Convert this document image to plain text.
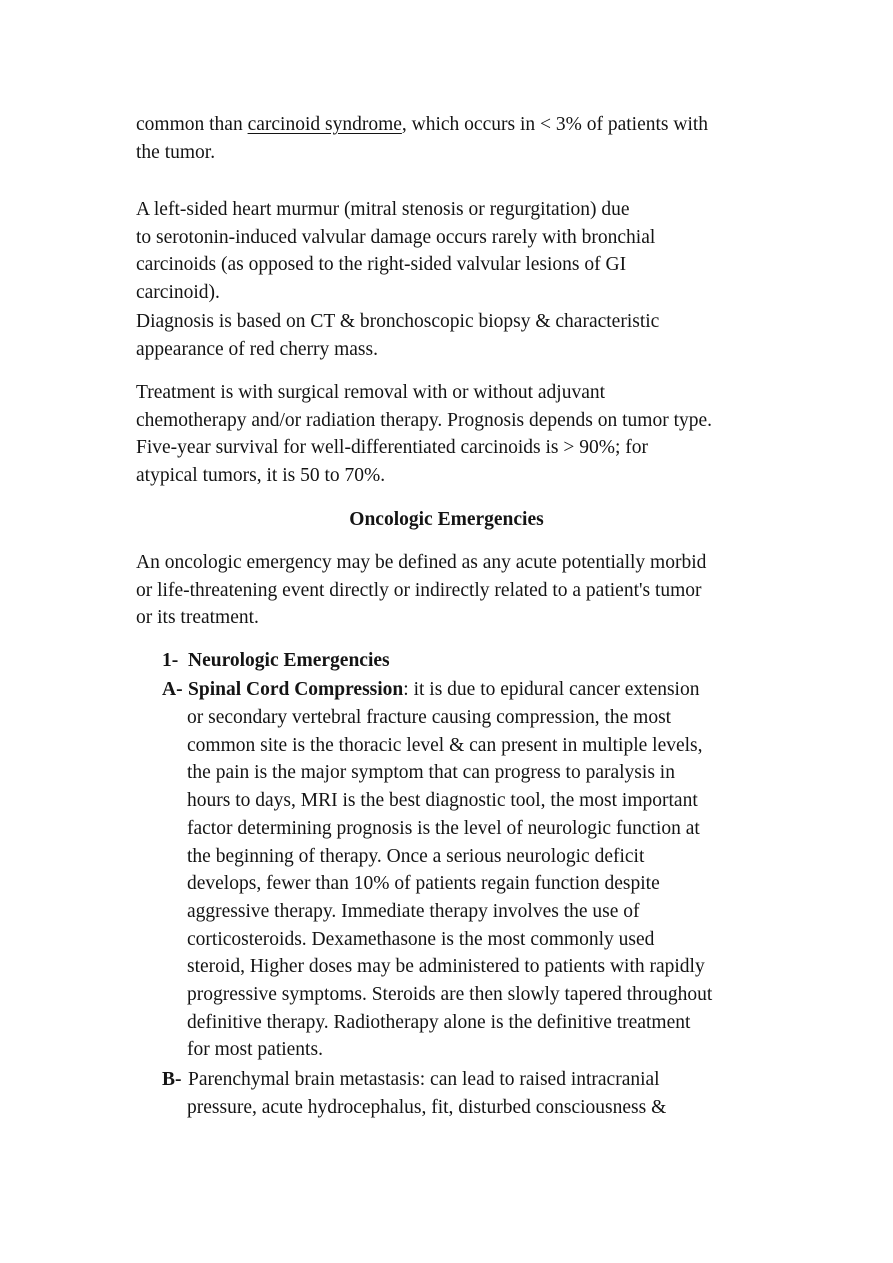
common than carcinoid syndrome, which occurs in < 3% of patients with
the tumor.

A left-sided heart murmur (mitral stenosis or regurgitation) due
to serotonin-induced valvular damage occurs rarely with bronchial
carcinoids (as opposed to the right-sided valvular lesions of GI
carcinoid).

Diagnosis is based on CT & bronchoscopic biopsy & characteristic
appearance of red cherry mass.

Treatment is with surgical removal with or without adjuvant
chemotherapy and/or radiation therapy. Prognosis depends on tumor type.
Five-year survival for well-differentiated carcinoids is > 90%; for
atypical tumors, it is 50 to 70%.

Oncologic Emergencies

An oncologic emergency may be defined as any acute potentially morbid
or life-threatening event directly or indirectly related to a patient's tumor
or its treatment.

1- Neurologic Emergencies

A- Spinal Cord Compression: it is due to epidural cancer extension

or secondary vertebral fracture causing compression, the most
common site is the thoracic level & can present in multiple levels,
the pain is the major symptom that can progress to paralysis in
hours to days, MRI is the best diagnostic tool, the most important
factor determining prognosis is the level of neurologic function at
the beginning of therapy. Once a serious neurologic deficit
develops, fewer than 10% of patients regain function despite
aggressive therapy. Immediate therapy involves the use of
corticosteroids. Dexamethasone is the most commonly used
steroid, Higher doses may be administered to patients with rapidly
progressive symptoms. Steroids are then slowly tapered throughout
definitive therapy. Radiotherapy alone is the definitive treatment
for most patients.

B- Parenchymal brain metastasis: can lead to raised intracranial

pressure, acute hydrocephalus, fit, disturbed consciousness &
